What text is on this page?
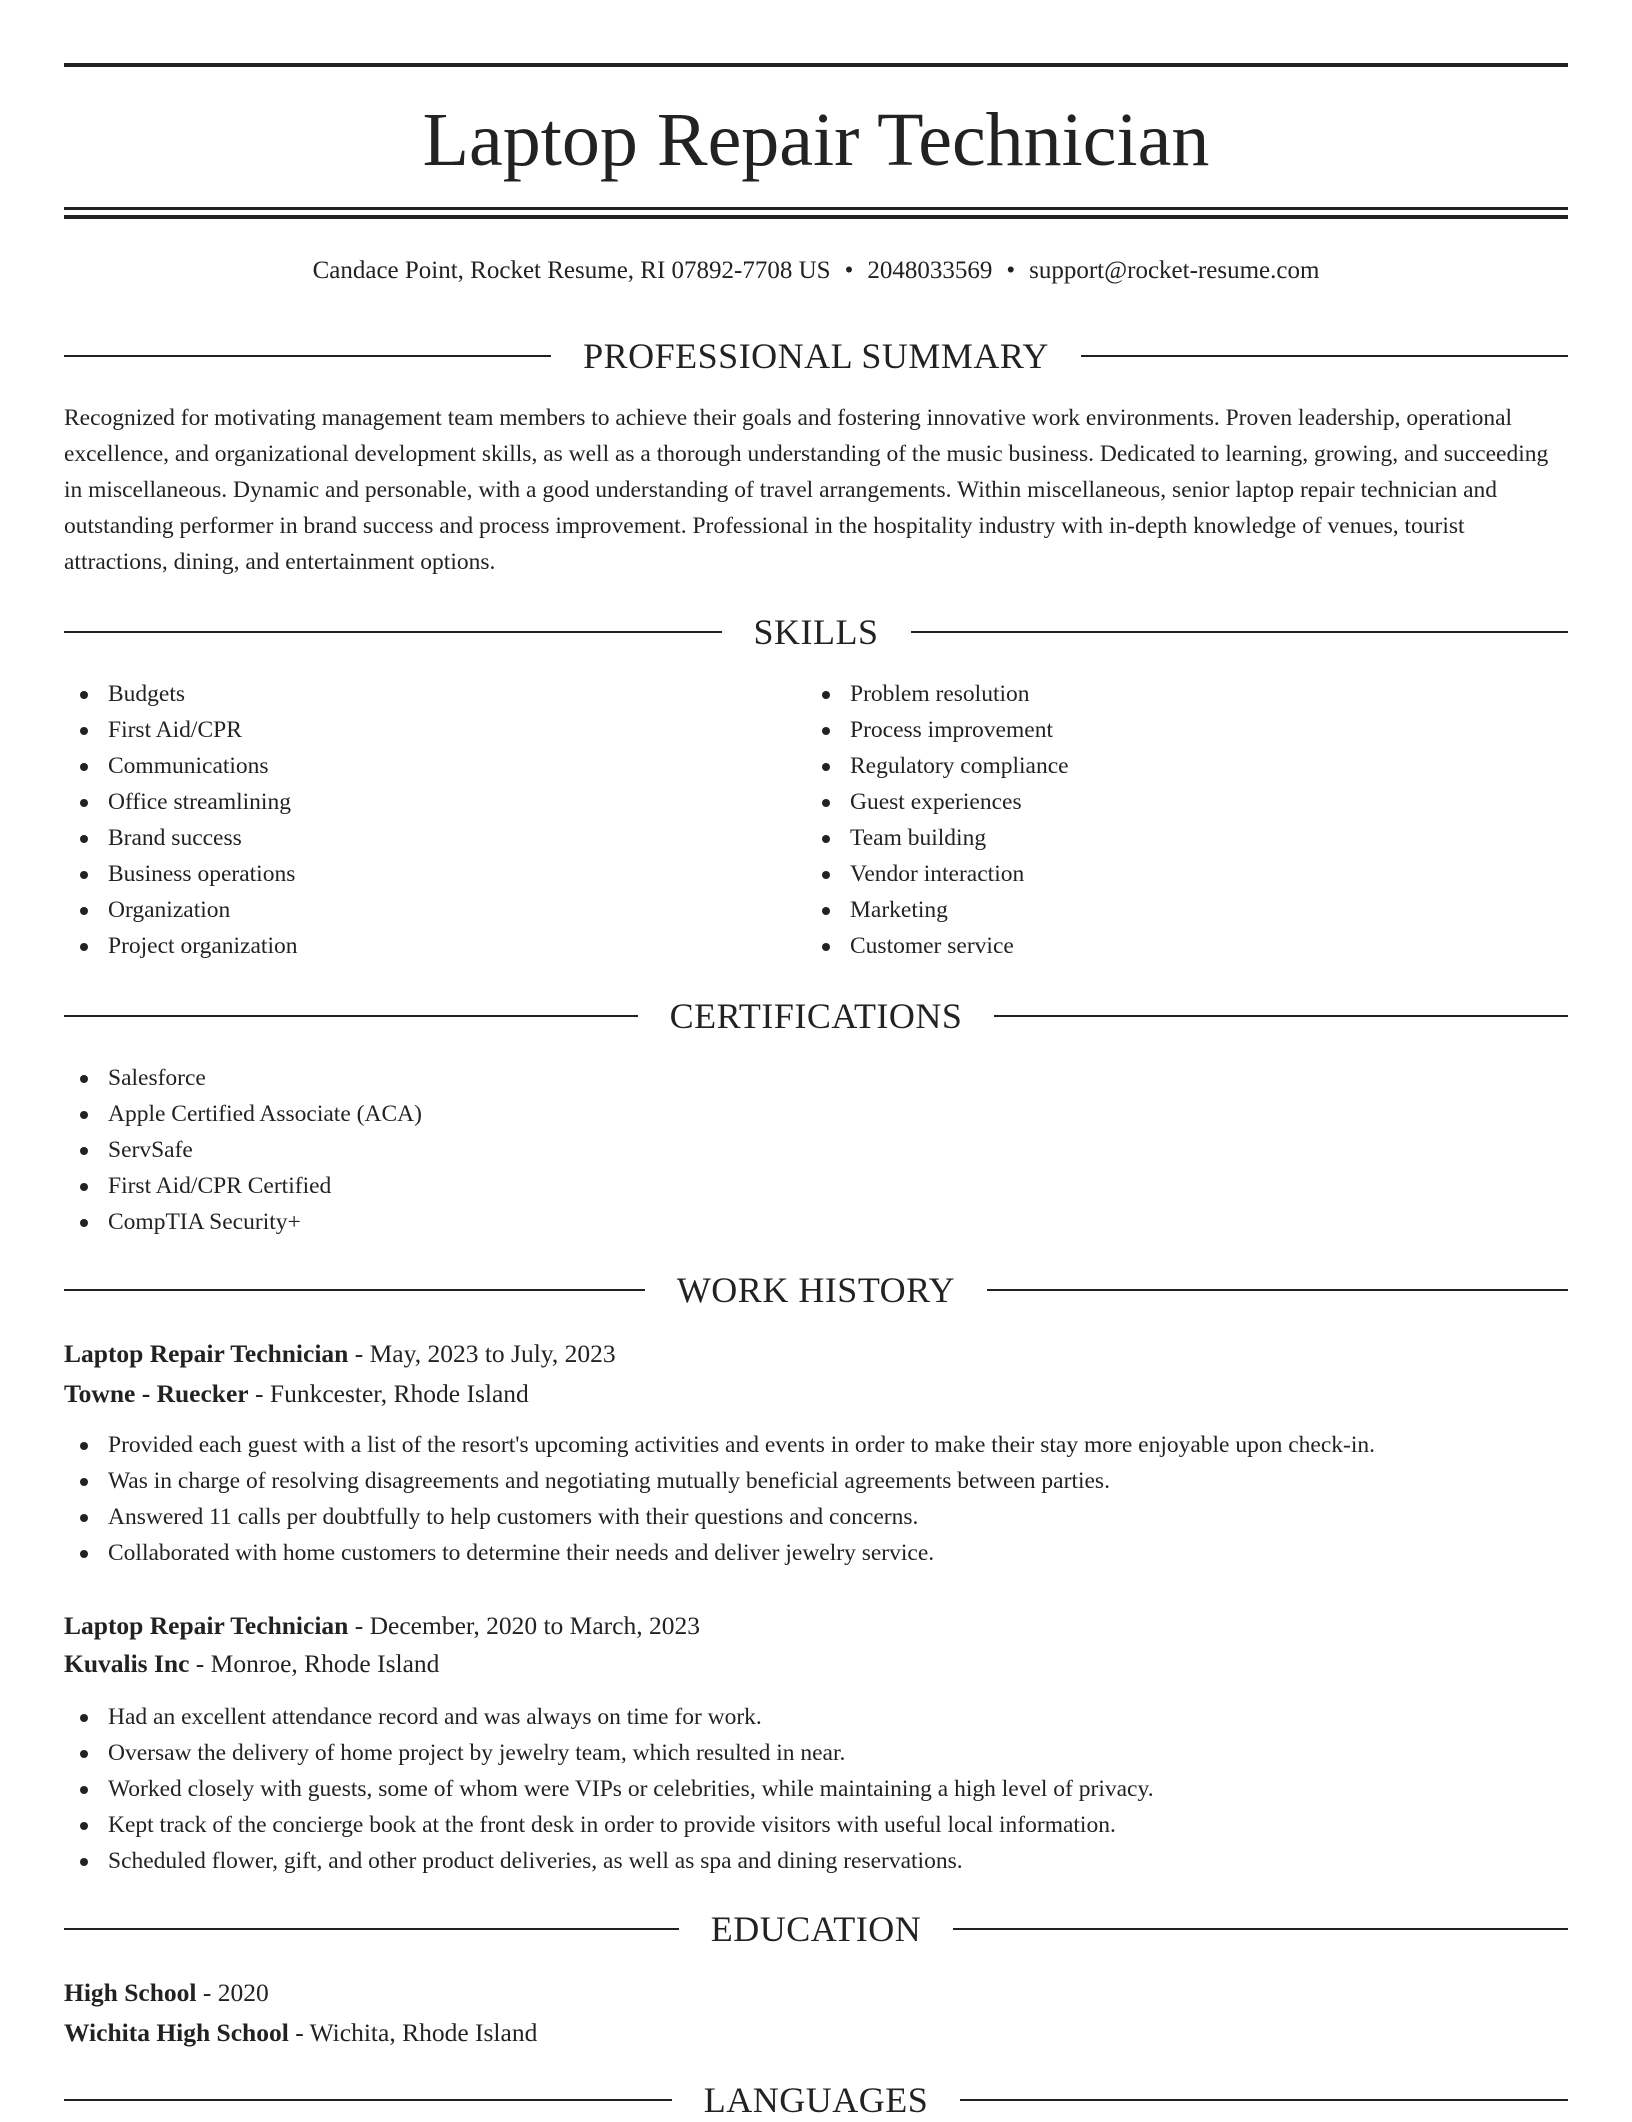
Laptop Repair Technician
Candace Point, Rocket Resume, RI 07892-7708 US • 2048033569 • support@rocket-resume.com
PROFESSIONAL SUMMARY
Recognized for motivating management team members to achieve their goals and fostering innovative work environments. Proven leadership, operational excellence, and organizational development skills, as well as a thorough understanding of the music business. Dedicated to learning, growing, and succeeding in miscellaneous. Dynamic and personable, with a good understanding of travel arrangements. Within miscellaneous, senior laptop repair technician and outstanding performer in brand success and process improvement. Professional in the hospitality industry with in-depth knowledge of venues, tourist attractions, dining, and entertainment options.
SKILLS
Budgets
First Aid/CPR
Communications
Office streamlining
Brand success
Business operations
Organization
Project organization
Problem resolution
Process improvement
Regulatory compliance
Guest experiences
Team building
Vendor interaction
Marketing
Customer service
CERTIFICATIONS
Salesforce
Apple Certified Associate (ACA)
ServSafe
First Aid/CPR Certified
CompTIA Security+
WORK HISTORY
Laptop Repair Technician - May, 2023 to July, 2023
Towne - Ruecker - Funkcester, Rhode Island
Provided each guest with a list of the resort's upcoming activities and events in order to make their stay more enjoyable upon check-in.
Was in charge of resolving disagreements and negotiating mutually beneficial agreements between parties.
Answered 11 calls per doubtfully to help customers with their questions and concerns.
Collaborated with home customers to determine their needs and deliver jewelry service.
Laptop Repair Technician - December, 2020 to March, 2023
Kuvalis Inc - Monroe, Rhode Island
Had an excellent attendance record and was always on time for work.
Oversaw the delivery of home project by jewelry team, which resulted in near.
Worked closely with guests, some of whom were VIPs or celebrities, while maintaining a high level of privacy.
Kept track of the concierge book at the front desk in order to provide visitors with useful local information.
Scheduled flower, gift, and other product deliveries, as well as spa and dining reservations.
EDUCATION
High School - 2020
Wichita High School - Wichita, Rhode Island
LANGUAGES
